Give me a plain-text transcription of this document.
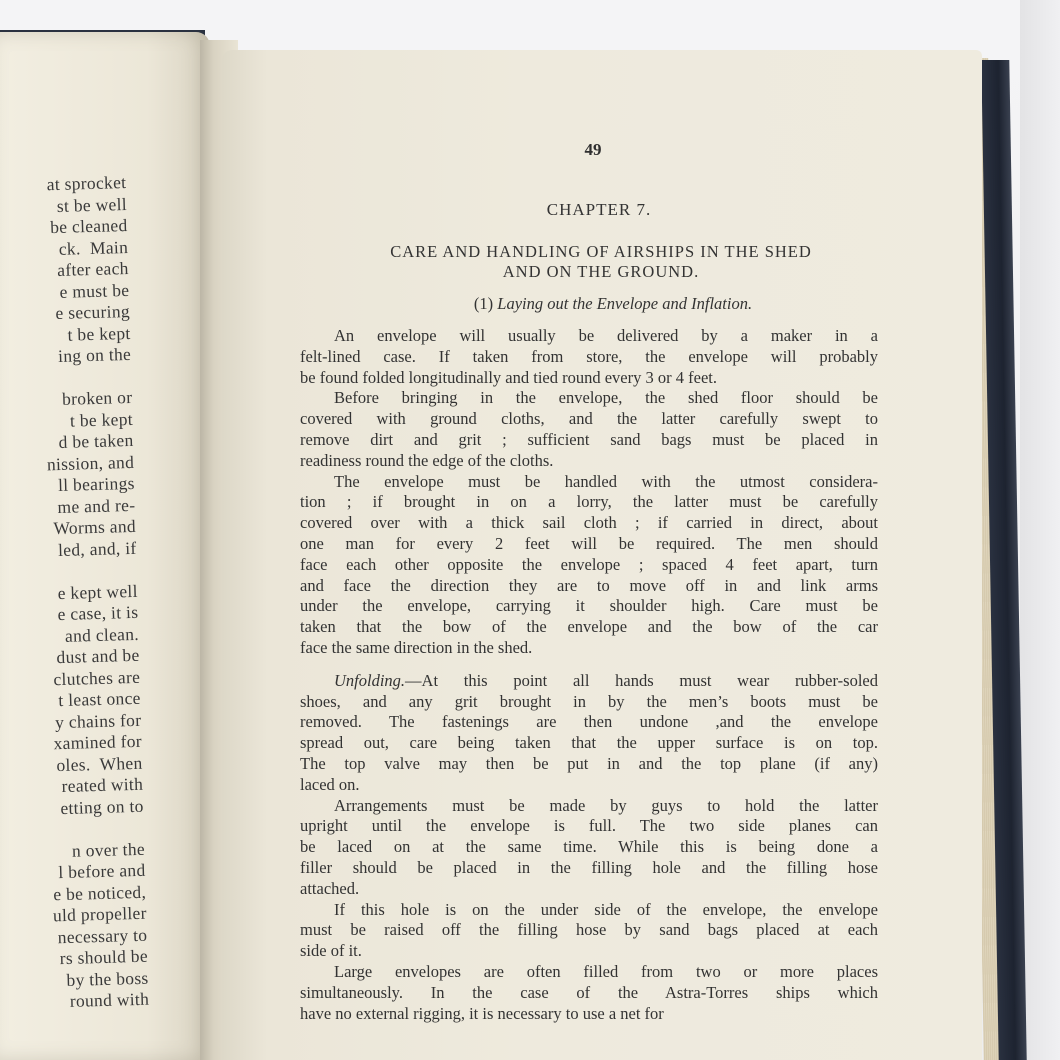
at sprocket
st be well
be cleaned
ck.  Main
after each
e must be
e securing
t be kept
ing on the
broken or
t be kept
d be taken
nission, and
ll bearings
me and re-
Worms and
led, and, if
e kept well
e case, it is
and clean.
dust and be
clutches are
t least once
y chains for
xamined for
oles.  When
reated with
etting on to
n over the
l before and
e be noticed,
uld propeller
necessary to
rs should be
by the boss
round with
49
CHAPTER 7.
CARE AND HANDLING OF AIRSHIPS IN THE SHED
AND ON THE GROUND.
(1) Laying out the Envelope and Inflation.
An envelope will usually be delivered by a maker in a
felt-lined case. If taken from store, the envelope will probably
be found folded longitudinally and tied round every 3 or 4 feet.
Before bringing in the envelope, the shed floor should be
covered with ground cloths, and the latter carefully swept to
remove dirt and grit ; sufficient sand bags must be placed in
readiness round the edge of the cloths.
The envelope must be handled with the utmost considera-
tion ; if brought in on a lorry, the latter must be carefully
covered over with a thick sail cloth ; if carried in direct, about
one man for every 2 feet will be required. The men should
face each other opposite the envelope ; spaced 4 feet apart, turn
and face the direction they are to move off in and link arms
under the envelope, carrying it shoulder high. Care must be
taken that the bow of the envelope and the bow of the car
face the same direction in the shed.
Unfolding.—At this point all hands must wear rubber-soled
shoes, and any grit brought in by the men’s boots must be
removed. The fastenings are then undone ,and the envelope
spread out, care being taken that the upper surface is on top.
The top valve may then be put in and the top plane (if any)
laced on.
Arrangements must be made by guys to hold the latter
upright until the envelope is full. The two side planes can
be laced on at the same time. While this is being done a
filler should be placed in the filling hole and the filling hose
attached.
If this hole is on the under side of the envelope, the envelope
must be raised off the filling hose by sand bags placed at each
side of it.
Large envelopes are often filled from two or more places
simultaneously. In the case of the Astra-Torres ships which
have no external rigging, it is necessary to use a net for
